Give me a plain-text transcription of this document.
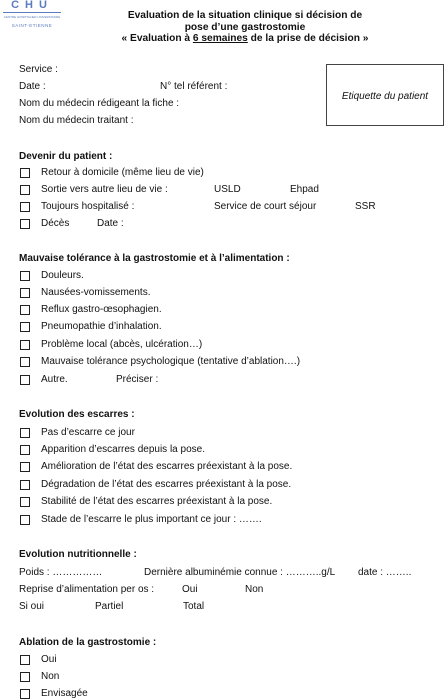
CHU
CENTRE HOSPITALIER UNIVERSITAIRE
SAINT-ETIENNE
Evaluation de la situation clinique si décision de
pose d’une gastrostomie
« Evaluation à 6 semaines de la prise de décision »
Service :
Date :	N° tel référent :
Nom du médecin rédigeant la fiche :
Nom du médecin traitant :
Etiquette du patient
Devenir du patient :
Retour à domicile (même lieu de vie)
Sortie vers autre lieu de vie :	USLD	Ehpad
Toujours hospitalisé :	Service de court séjour	SSR
Décès	Date :
Mauvaise tolérance à la gastrostomie et à l’alimentation :
Douleurs.
Nausées-vomissements.
Reflux gastro-œsophagien.
Pneumopathie d’inhalation.
Problème local (abcès, ulcération…)
Mauvaise tolérance psychologique (tentative d’ablation….)
Autre.	Préciser :
Evolution des escarres :
Pas d’escarre ce jour
Apparition d’escarres depuis la pose.
Amélioration de l’état des escarres préexistant à la pose.
Dégradation de l’état des escarres préexistant à la pose.
Stabilité de l’état des escarres préexistant à la pose.
Stade de l’escarre le plus important ce jour : …….
Evolution nutritionnelle :
Poids : ……………	Dernière albuminémie connue : ………..g/L date : ……..
Reprise d’alimentation per os :	Oui	Non
Si oui	Partiel	Total
Ablation de la gastrostomie :
Oui
Non
Envisagée
